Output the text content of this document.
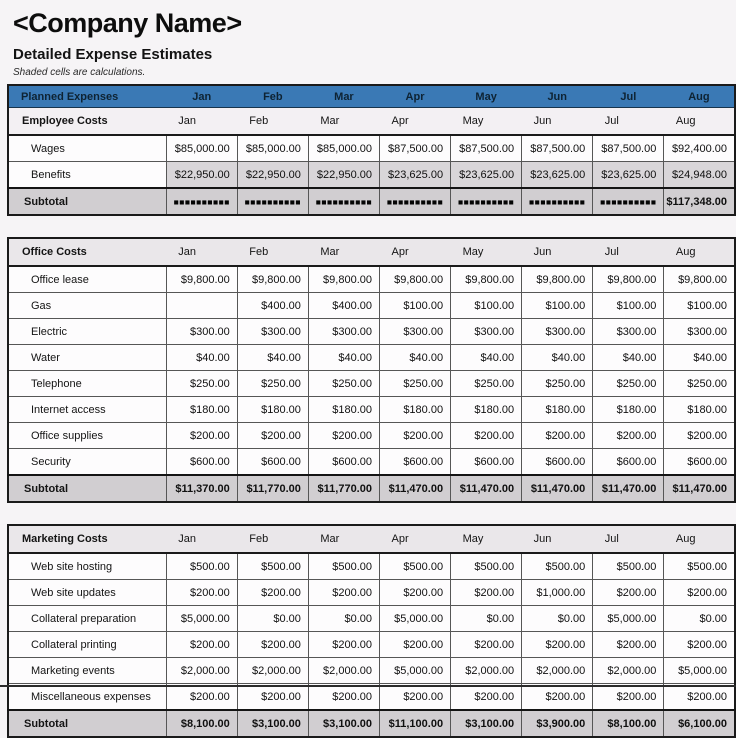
<Company Name>
Detailed Expense Estimates
Shaded cells are calculations.
Planned Expenses	Jan	Feb	Mar	Apr	May	Jun	Jul	Aug
Employee Costs	Jan	Feb	Mar	Apr	May	Jun	Jul	Aug
Wages	$85,000.00	$85,000.00	$85,000.00	$87,500.00	$87,500.00	$87,500.00	$87,500.00	$92,400.00
Benefits	$22,950.00	$22,950.00	$22,950.00	$23,625.00	$23,625.00	$23,625.00	$23,625.00	$24,948.00
Subtotal	■■■■■■■■■■	■■■■■■■■■■	■■■■■■■■■■	■■■■■■■■■■	■■■■■■■■■■	■■■■■■■■■■	■■■■■■■■■■	$117,348.00
Office Costs	Jan	Feb	Mar	Apr	May	Jun	Jul	Aug
Office lease	$9,800.00	$9,800.00	$9,800.00	$9,800.00	$9,800.00	$9,800.00	$9,800.00	$9,800.00
Gas		$400.00	$400.00	$100.00	$100.00	$100.00	$100.00	$100.00
Electric	$300.00	$300.00	$300.00	$300.00	$300.00	$300.00	$300.00	$300.00
Water	$40.00	$40.00	$40.00	$40.00	$40.00	$40.00	$40.00	$40.00
Telephone	$250.00	$250.00	$250.00	$250.00	$250.00	$250.00	$250.00	$250.00
Internet access	$180.00	$180.00	$180.00	$180.00	$180.00	$180.00	$180.00	$180.00
Office supplies	$200.00	$200.00	$200.00	$200.00	$200.00	$200.00	$200.00	$200.00
Security	$600.00	$600.00	$600.00	$600.00	$600.00	$600.00	$600.00	$600.00
Subtotal	$11,370.00	$11,770.00	$11,770.00	$11,470.00	$11,470.00	$11,470.00	$11,470.00	$11,470.00
Marketing Costs	Jan	Feb	Mar	Apr	May	Jun	Jul	Aug
Web site hosting	$500.00	$500.00	$500.00	$500.00	$500.00	$500.00	$500.00	$500.00
Web site updates	$200.00	$200.00	$200.00	$200.00	$200.00	$1,000.00	$200.00	$200.00
Collateral preparation	$5,000.00	$0.00	$0.00	$5,000.00	$0.00	$0.00	$5,000.00	$0.00
Collateral printing	$200.00	$200.00	$200.00	$200.00	$200.00	$200.00	$200.00	$200.00
Marketing events	$2,000.00	$2,000.00	$2,000.00	$5,000.00	$2,000.00	$2,000.00	$2,000.00	$5,000.00
Miscellaneous expenses	$200.00	$200.00	$200.00	$200.00	$200.00	$200.00	$200.00	$200.00
Subtotal	$8,100.00	$3,100.00	$3,100.00	$11,100.00	$3,100.00	$3,900.00	$8,100.00	$6,100.00
